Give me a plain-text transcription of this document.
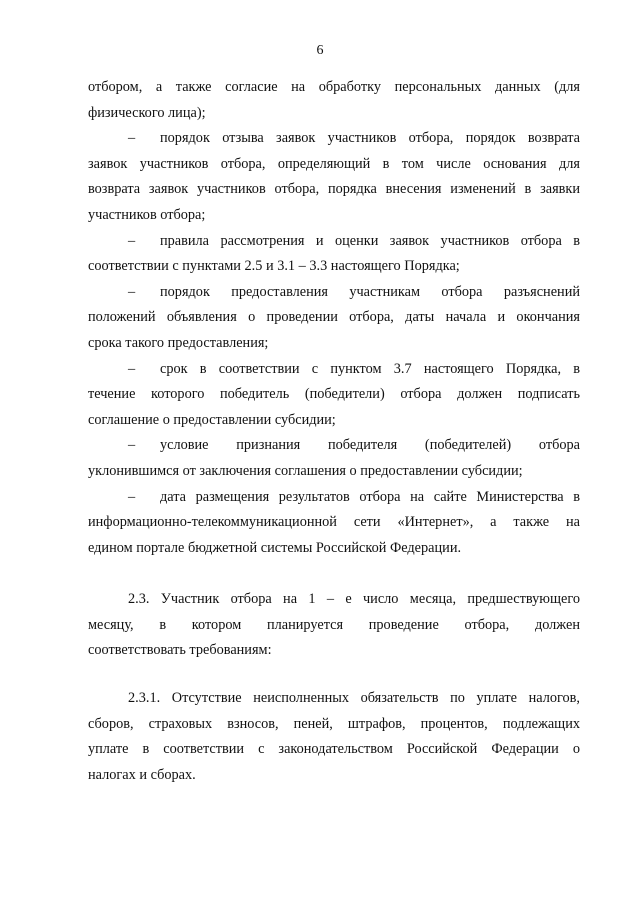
6
отбором, а также согласие на обработку персональных данных (для
физического лица);
–	порядок отзыва заявок участников отбора, порядок возврата
заявок участников отбора, определяющий в том числе основания для
возврата заявок участников отбора, порядка внесения изменений в заявки
участников отбора;
–	правила рассмотрения и оценки заявок участников отбора в
соответствии с пунктами 2.5 и 3.1 – 3.3 настоящего Порядка;
–	порядок предоставления участникам отбора разъяснений
положений объявления о проведении отбора, даты начала и окончания
срока такого предоставления;
–	срок в соответствии с пунктом 3.7 настоящего Порядка, в
течение которого победитель (победители) отбора должен подписать
соглашение о предоставлении субсидии;
–	условие признания победителя (победителей) отбора
уклонившимся от заключения соглашения о предоставлении субсидии;
–	дата размещения результатов отбора на сайте Министерства в
информационно-телекоммуникационной сети «Интернет», а также на
едином портале бюджетной системы Российской Федерации.
2.3. Участник отбора на 1 – е число месяца, предшествующего
месяцу, в котором планируется проведение отбора, должен
соответствовать требованиям:
2.3.1. Отсутствие неисполненных обязательств по уплате налогов,
сборов, страховых взносов, пеней, штрафов, процентов, подлежащих
уплате в соответствии с законодательством Российской Федерации о
налогах и сборах.
